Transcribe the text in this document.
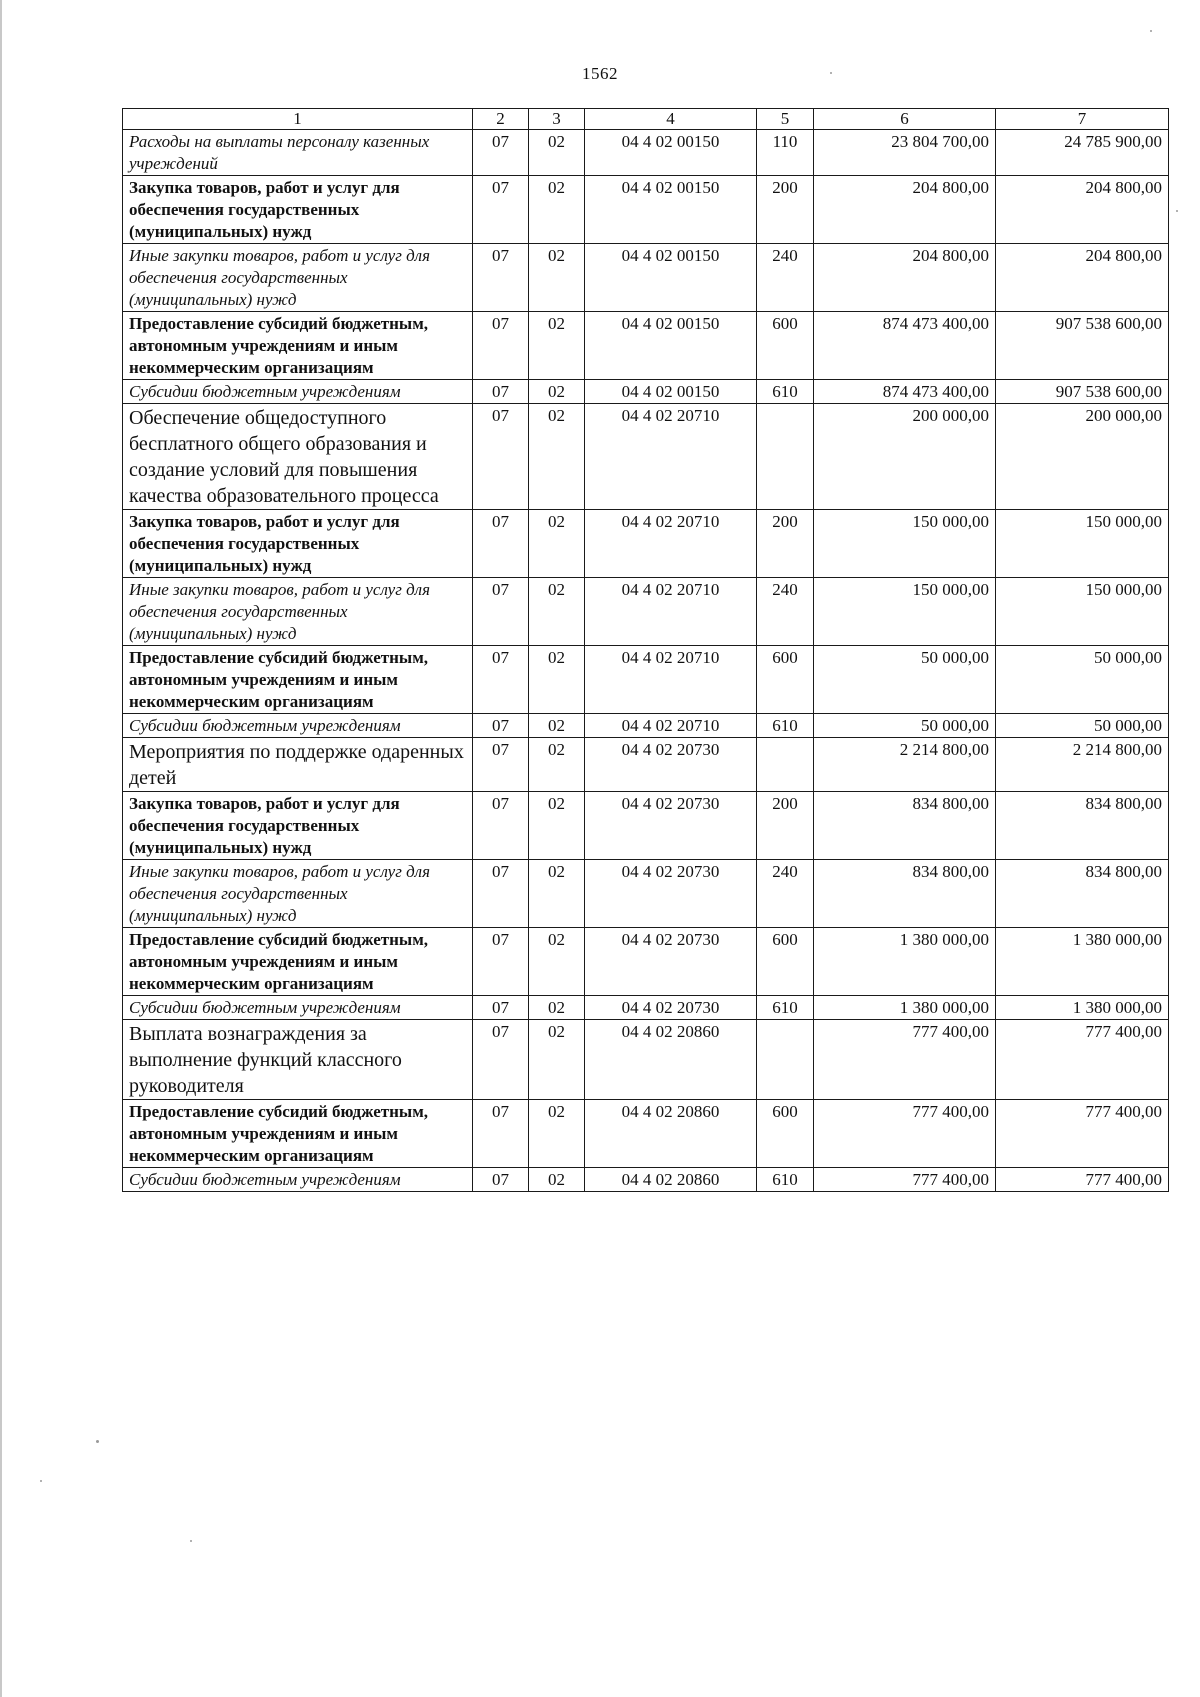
1562
1	2	3	4	5	6	7
Расходы на выплаты персоналу казенных учреждений	07	02	04 4 02 00150	110	23 804 700,00	24 785 900,00
Закупка товаров, работ и услуг для обеспечения государственных (муниципальных) нужд	07	02	04 4 02 00150	200	204 800,00	204 800,00
Иные закупки товаров, работ и услуг для обеспечения государственных (муниципальных) нужд	07	02	04 4 02 00150	240	204 800,00	204 800,00
Предоставление субсидий бюджетным, автономным учреждениям и иным некоммерческим организациям	07	02	04 4 02 00150	600	874 473 400,00	907 538 600,00
Субсидии бюджетным учреждениям	07	02	04 4 02 00150	610	874 473 400,00	907 538 600,00
Обеспечение общедоступного бесплатного общего образования и создание условий для повышения качества образовательного процесса	07	02	04 4 02 20710		200 000,00	200 000,00
Закупка товаров, работ и услуг для обеспечения государственных (муниципальных) нужд	07	02	04 4 02 20710	200	150 000,00	150 000,00
Иные закупки товаров, работ и услуг для обеспечения государственных (муниципальных) нужд	07	02	04 4 02 20710	240	150 000,00	150 000,00
Предоставление субсидий бюджетным, автономным учреждениям и иным некоммерческим организациям	07	02	04 4 02 20710	600	50 000,00	50 000,00
Субсидии бюджетным учреждениям	07	02	04 4 02 20710	610	50 000,00	50 000,00
Мероприятия по поддержке одаренных детей	07	02	04 4 02 20730		2 214 800,00	2 214 800,00
Закупка товаров, работ и услуг для обеспечения государственных (муниципальных) нужд	07	02	04 4 02 20730	200	834 800,00	834 800,00
Иные закупки товаров, работ и услуг для обеспечения государственных (муниципальных) нужд	07	02	04 4 02 20730	240	834 800,00	834 800,00
Предоставление субсидий бюджетным, автономным учреждениям и иным некоммерческим организациям	07	02	04 4 02 20730	600	1 380 000,00	1 380 000,00
Субсидии бюджетным учреждениям	07	02	04 4 02 20730	610	1 380 000,00	1 380 000,00
Выплата вознаграждения за выполнение функций классного руководителя	07	02	04 4 02 20860		777 400,00	777 400,00
Предоставление субсидий бюджетным, автономным учреждениям и иным некоммерческим организациям	07	02	04 4 02 20860	600	777 400,00	777 400,00
Субсидии бюджетным учреждениям	07	02	04 4 02 20860	610	777 400,00	777 400,00
